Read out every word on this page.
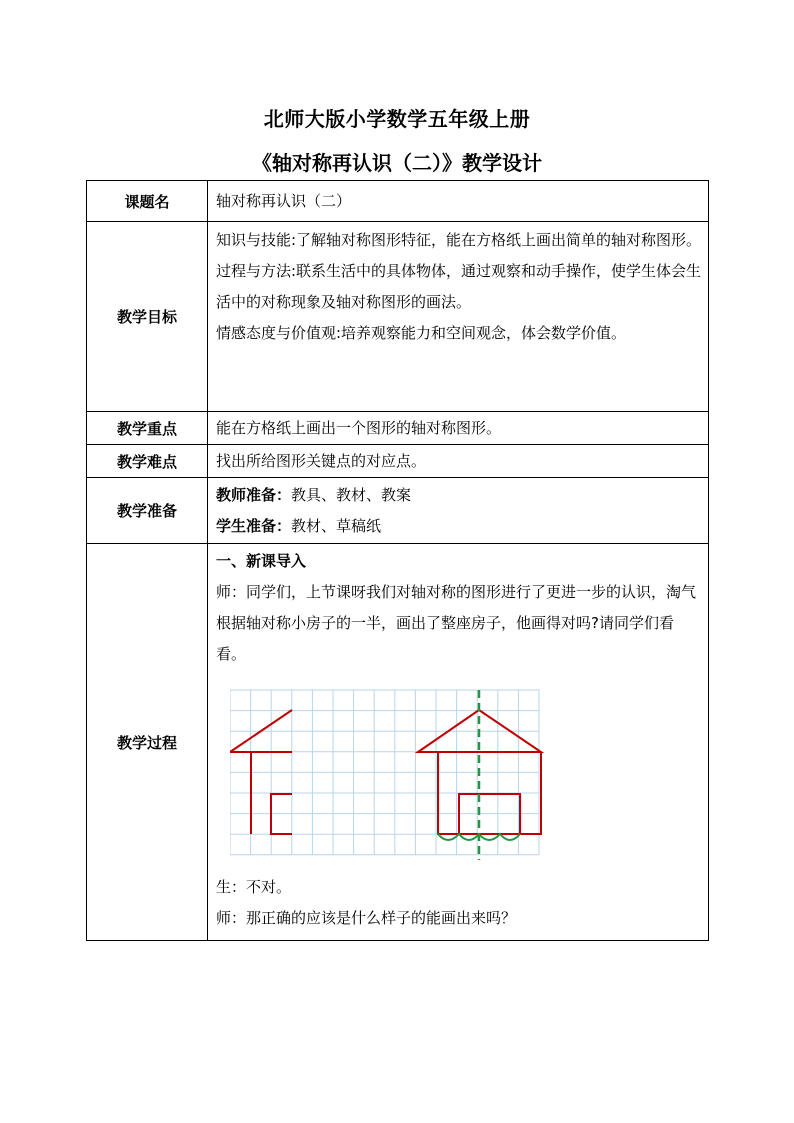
北师大版小学数学五年级上册
《轴对称再认识（二）》教学设计
课题名	轴对称再认识（二）
教学目标	知识与技能:了解轴对称图形特征，能在方格纸上画出简单的轴对称图形。

过程与方法:联系生活中的具体物体，通过观察和动手操作，使学生体会生活中的对称现象及轴对称图形的画法。

情感态度与价值观:培养观察能力和空间观念，体会数学价值。

教学重点	能在方格纸上画出一个图形的轴对称图形。
教学难点	找出所给图形关键点的对应点。
教学准备	教师准备：教具、教材、教案

学生准备：教材、草稿纸

教学过程	一、新课导入

师：同学们，上节课呀我们对轴对称的图形进行了更进一步的认识，淘气根据轴对称小房子的一半，画出了整座房子，他画得对吗?请同学们看看。

生：不对。

师：那正确的应该是什么样子的能画出来吗？
